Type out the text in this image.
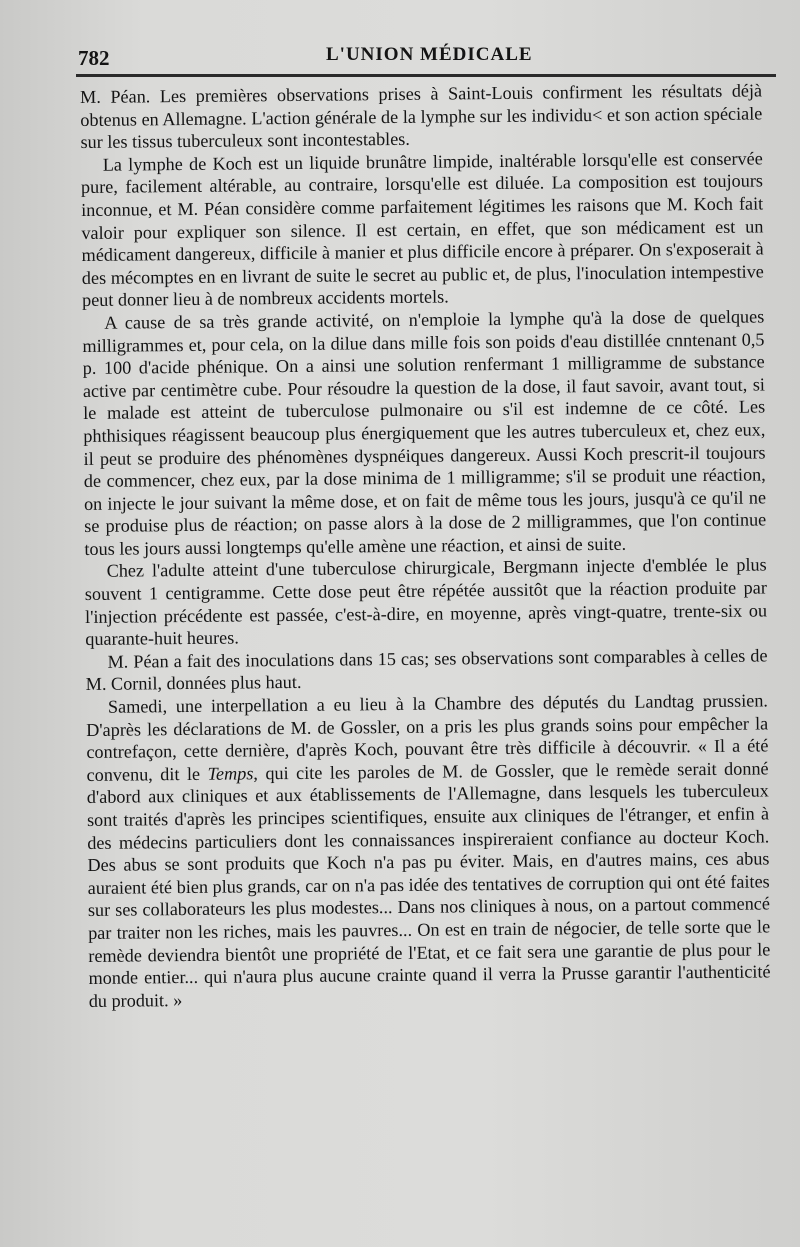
782	L'UNION MÉDICALE

M. Péan. Les premières observations prises à Saint-Louis confirment les résultats déjà obtenus en Allemagne. L'action générale de la lymphe sur les individu< et son action spéciale sur les tissus tuberculeux sont incontestables.

La lymphe de Koch est un liquide brunâtre limpide, inaltérable lorsqu'elle est conservée pure, facilement altérable, au contraire, lorsqu'elle est diluée. La composition est toujours inconnue, et M. Péan considère comme parfaitement légitimes les raisons que M. Koch fait valoir pour expliquer son silence. Il est certain, en effet, que son médicament est un médicament dangereux, difficile à manier et plus difficile encore à préparer. On s'exposerait à des mécomptes en en livrant de suite le secret au public et, de plus, l'inoculation intempestive peut donner lieu à de nombreux accidents mortels.

A cause de sa très grande activité, on n'emploie la lymphe qu'à la dose de quelques milligrammes et, pour cela, on la dilue dans mille fois son poids d'eau distillée cnntenant 0,5 p. 100 d'acide phénique. On a ainsi une solution renfermant 1 milligramme de substance active par centimètre cube. Pour résoudre la question de la dose, il faut savoir, avant tout, si le malade est atteint de tuberculose pulmonaire ou s'il est indemne de ce côté. Les phthisiques réagissent beaucoup plus énergiquement que les autres tuberculeux et, chez eux, il peut se produire des phénomènes dyspnéiques dangereux. Aussi Koch prescrit-il toujours de commencer, chez eux, par la dose minima de 1 milligramme; s'il se produit une réaction, on injecte le jour suivant la même dose, et on fait de même tous les jours, jusqu'à ce qu'il ne se produise plus de réaction; on passe alors à la dose de 2 milligrammes, que l'on continue tous les jours aussi longtemps qu'elle amène une réaction, et ainsi de suite.

Chez l'adulte atteint d'une tuberculose chirurgicale, Bergmann injecte d'emblée le plus souvent 1 centigramme. Cette dose peut être répétée aussitôt que la réaction produite par l'injection précédente est passée, c'est-à-dire, en moyenne, après vingt-quatre, trente-six ou quarante-huit heures.

M. Péan a fait des inoculations dans 15 cas; ses observations sont comparables à celles de M. Cornil, données plus haut.

Samedi, une interpellation a eu lieu à la Chambre des députés du Landtag prussien. D'après les déclarations de M. de Gossler, on a pris les plus grands soins pour empêcher la contrefaçon, cette dernière, d'après Koch, pouvant être très difficile à découvrir. « Il a été convenu, dit le Temps, qui cite les paroles de M. de Gossler, que le remède serait donné d'abord aux cliniques et aux établissements de l'Allemagne, dans lesquels les tuberculeux sont traités d'après les principes scientifiques, ensuite aux cliniques de l'étranger, et enfin à des médecins particuliers dont les connaissances inspireraient confiance au docteur Koch. Des abus se sont produits que Koch n'a pas pu éviter. Mais, en d'autres mains, ces abus auraient été bien plus grands, car on n'a pas idée des tentatives de corruption qui ont été faites sur ses collaborateurs les plus modestes... Dans nos cliniques à nous, on a partout commencé par traiter non les riches, mais les pauvres... On est en train de négocier, de telle sorte que le remède deviendra bientôt une propriété de l'Etat, et ce fait sera une garantie de plus pour le monde entier... qui n'aura plus aucune crainte quand il verra la Prusse garantir l'authenticité du produit. »
